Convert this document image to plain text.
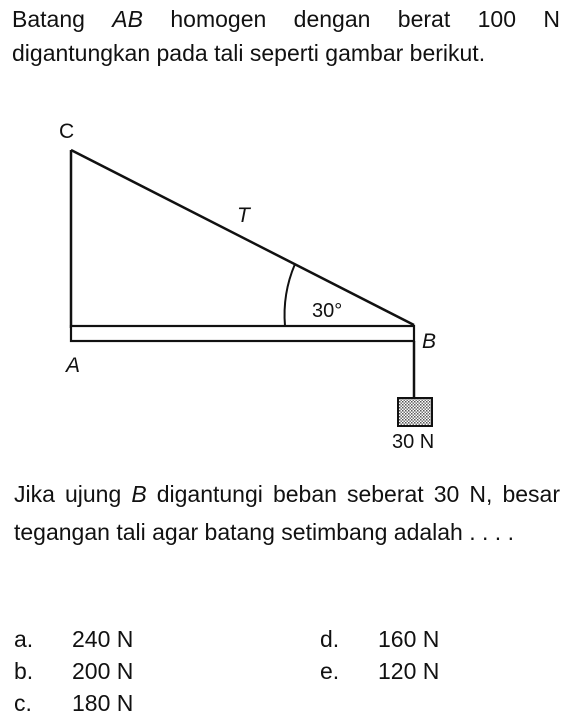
Batang AB homogen dengan berat 100 N digantungkan pada tali seperti gambar berikut.
C
T
30°
A
B
30 N
Jika ujung B digantungi beban seberat 30 N, besar tegangan tali agar batang setimbang adalah . . . .
a. 240 N
b. 200 N
c. 180 N
d. 160 N
e. 120 N
